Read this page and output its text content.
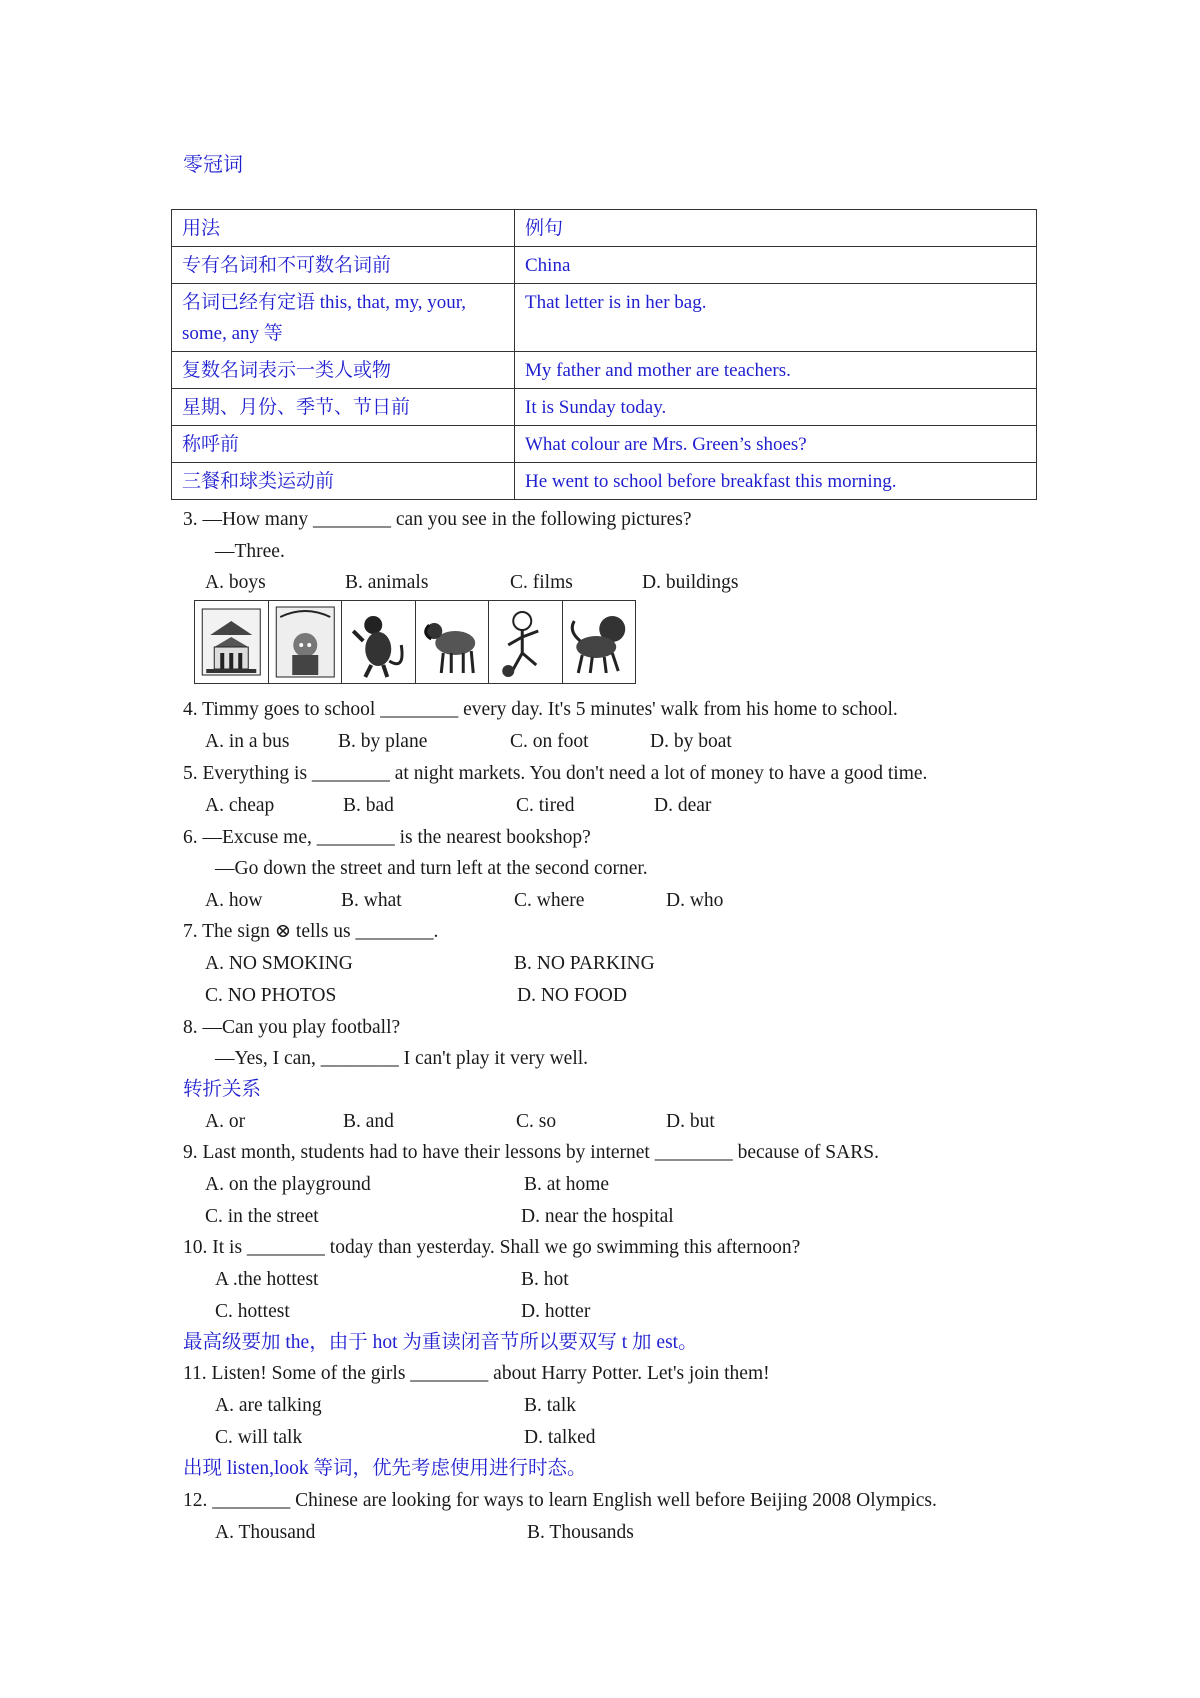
零冠词
用法	例句
专有名词和不可数名词前	China
名词已经有定语 this, that, my, your, some, any 等	That letter is in her bag.
复数名词表示一类人或物	My father and mother are teachers.
星期、月份、季节、节日前	It is Sunday today.
称呼前	What colour are Mrs. Green’s shoes?
三餐和球类运动前	He went to school before breakfast this morning.
3. —How many ________ can you see in the following pictures?
—Three.
A. boys	B. animals	C. films	D. buildings
4. Timmy goes to school ________ every day. It's 5 minutes' walk from his home to school.
A. in a bus B. by plane	C. on foot	D. by boat
5. Everything is ________ at night markets. You don't need a lot of money to have a good time.
A. cheap	B. bad	C. tired	D. dear
6. —Excuse me, ________ is the nearest bookshop?
—Go down the street and turn left at the second corner.
A. how	B. what	C. where	D. who
7. The sign ⊗ tells us ________.
A. NO SMOKING	B. NO PARKING
C. NO PHOTOS	D. NO FOOD
8. —Can you play football?
—Yes, I can, ________ I can't play it very well.
转折关系
A. or	B. and	C. so	D. but
9. Last month, students had to have their lessons by internet ________ because of SARS.
A. on the playground	B. at home
C. in the street	D. near the hospital
10. It is ________ today than yesterday. Shall we go swimming this afternoon?
A .the hottest	B. hot
C. hottest	D. hotter
最高级要加 the，由于 hot 为重读闭音节所以要双写 t 加 est。
11. Listen! Some of the girls ________ about Harry Potter. Let's join them!
A. are talking	B. talk
C. will talk	D. talked
出现 listen,look 等词，优先考虑使用进行时态。
12. ________ Chinese are looking for ways to learn English well before Beijing 2008 Olympics.
A. Thousand	B. Thousands
